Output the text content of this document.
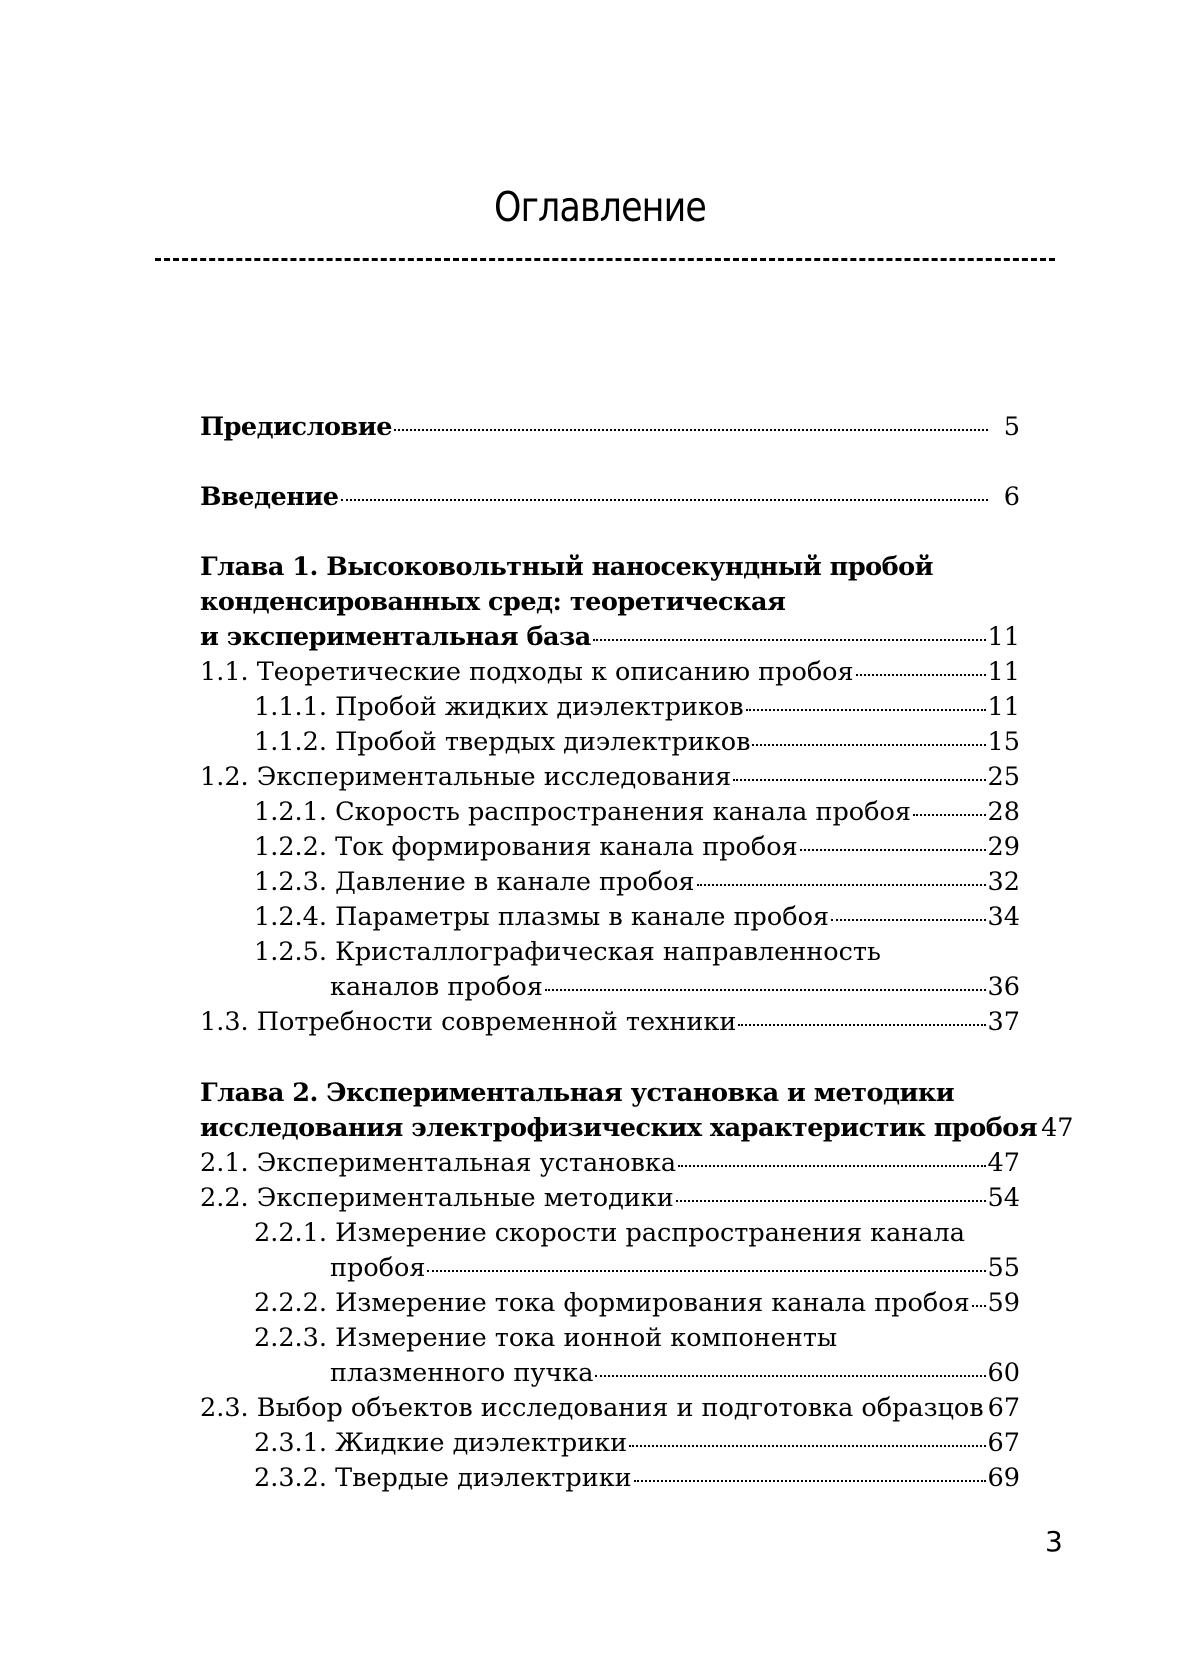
Оглавление
Предисловие	5
Введение	6
Глава 1. Высоковольтный наносекундный пробой
конденсированных сред: теоретическая
и экспериментальная база	11
1.1. Теоретические подходы к описанию пробоя	11
1.1.1. Пробой жидких диэлектриков	11
1.1.2. Пробой твердых диэлектриков	15
1.2. Экспериментальные исследования	25
1.2.1. Скорость распространения канала пробоя	28
1.2.2. Ток формирования канала пробоя	29
1.2.3. Давление в канале пробоя	32
1.2.4. Параметры плазмы в канале пробоя	34
1.2.5. Кристаллографическая направленность
каналов пробоя	36
1.3. Потребности современной техники	37
Глава 2. Экспериментальная установка и методики
исследования электрофизических характеристик пробоя 47
2.1. Экспериментальная установка	47
2.2. Экспериментальные методики	54
2.2.1. Измерение скорости распространения канала
пробоя	55
2.2.2. Измерение тока формирования канала пробоя 59
2.2.3. Измерение тока ионной компоненты
плазменного пучка	60
2.3. Выбор объектов исследования и подготовка образцов 67
2.3.1. Жидкие диэлектрики	67
2.3.2. Твердые диэлектрики	69
3
